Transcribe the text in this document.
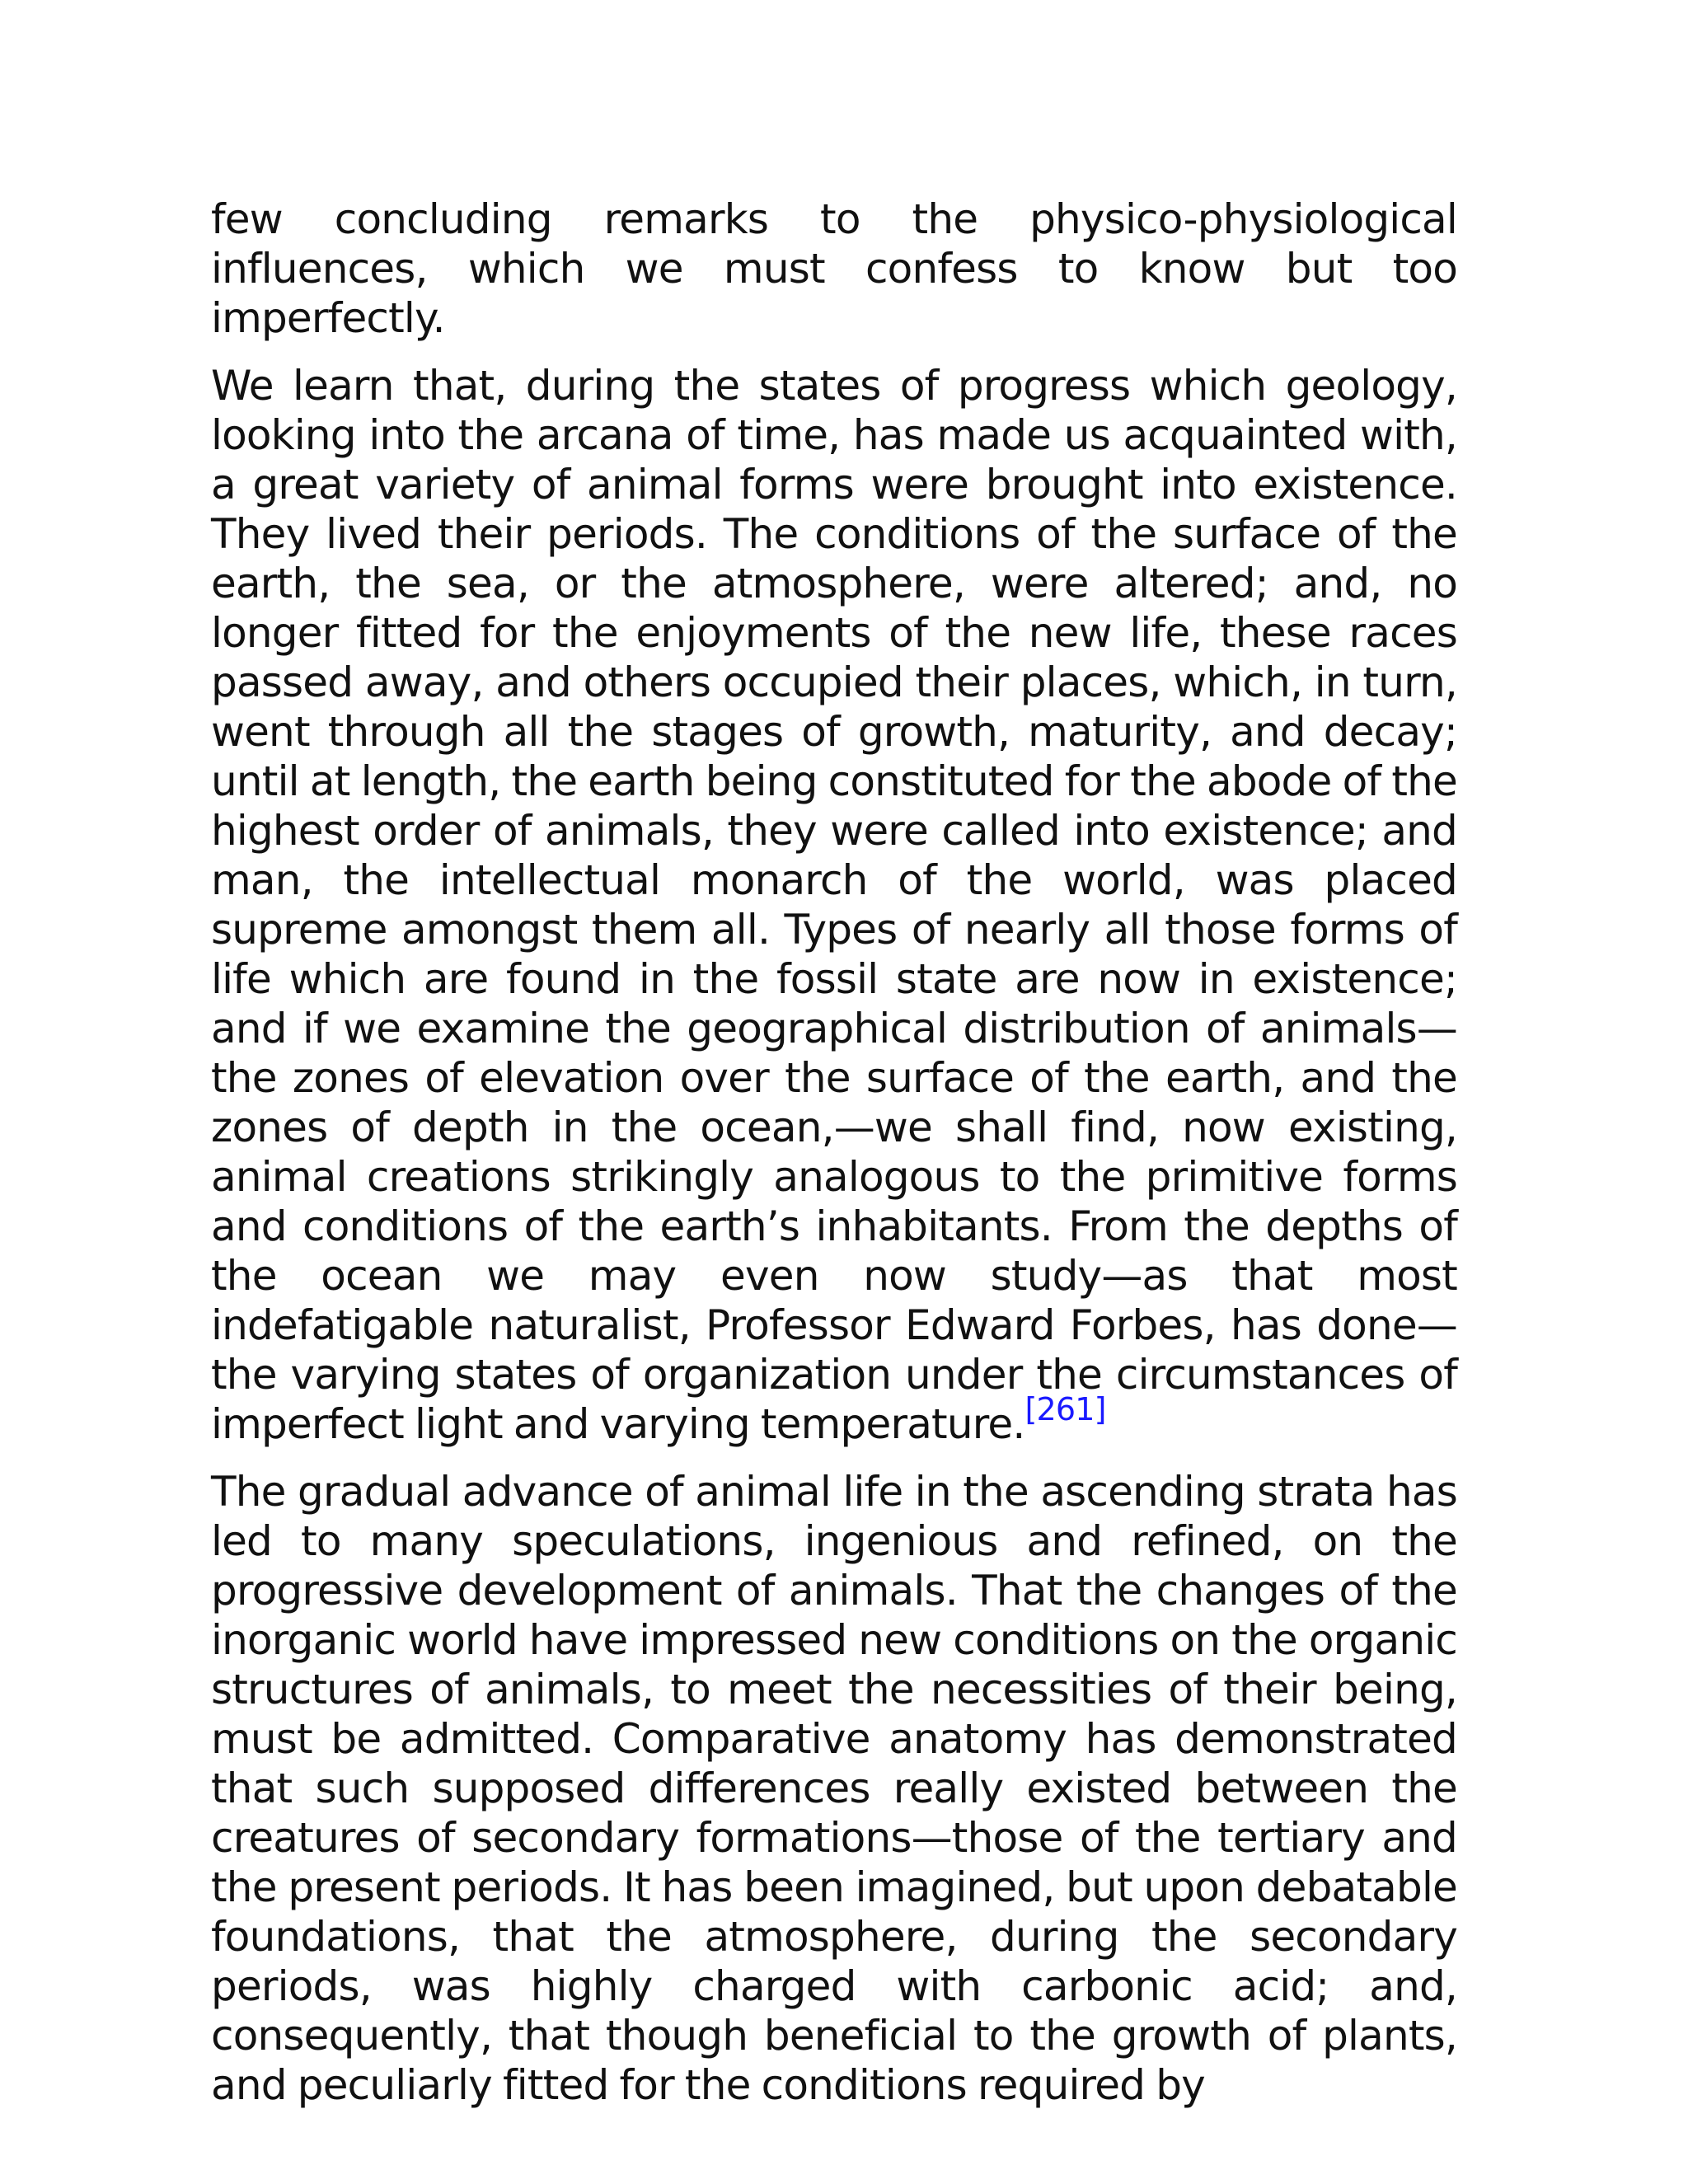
few concluding remarks to the physico-physiological influences, which we must confess to know but too imperfectly.

We learn that, during the states of progress which geology, looking into the arcana of time, has made us acquainted with, a great variety of animal forms were brought into existence. They lived their periods. The conditions of the surface of the earth, the sea, or the atmosphere, were altered; and, no longer fitted for the enjoyments of the new life, these races passed away, and others occupied their places, which, in turn, went through all the stages of growth, maturity, and decay; until at length, the earth being constituted for the abode of the highest order of animals, they were called into existence; and man, the intellectual monarch of the world, was placed supreme amongst them all. Types of nearly all those forms of life which are found in the fossil state are now in existence; and if we examine the geographical distribution of animals—the zones of elevation over the surface of the earth, and the zones of depth in the ocean,—we shall find, now existing, animal creations strikingly analogous to the primitive forms and conditions of the earth’s inhabitants. From the depths of the ocean we may even now study—as that most indefatigable naturalist, Professor Edward Forbes, has done—the varying states of organization under the circumstances of imperfect light and varying temperature.[261]

The gradual advance of animal life in the ascending strata has led to many speculations, ingenious and refined, on the progressive development of animals. That the changes of the inorganic world have impressed new conditions on the organic structures of animals, to meet the necessities of their being, must be admitted. Comparative anatomy has demonstrated that such supposed differences really existed between the creatures of secondary formations—those of the tertiary and the present periods. It has been imagined, but upon debatable foundations, that the atmosphere, during the secondary periods, was highly charged with carbonic acid; and, consequently, that though beneficial to the growth of plants, and peculiarly fitted for the conditions required by
